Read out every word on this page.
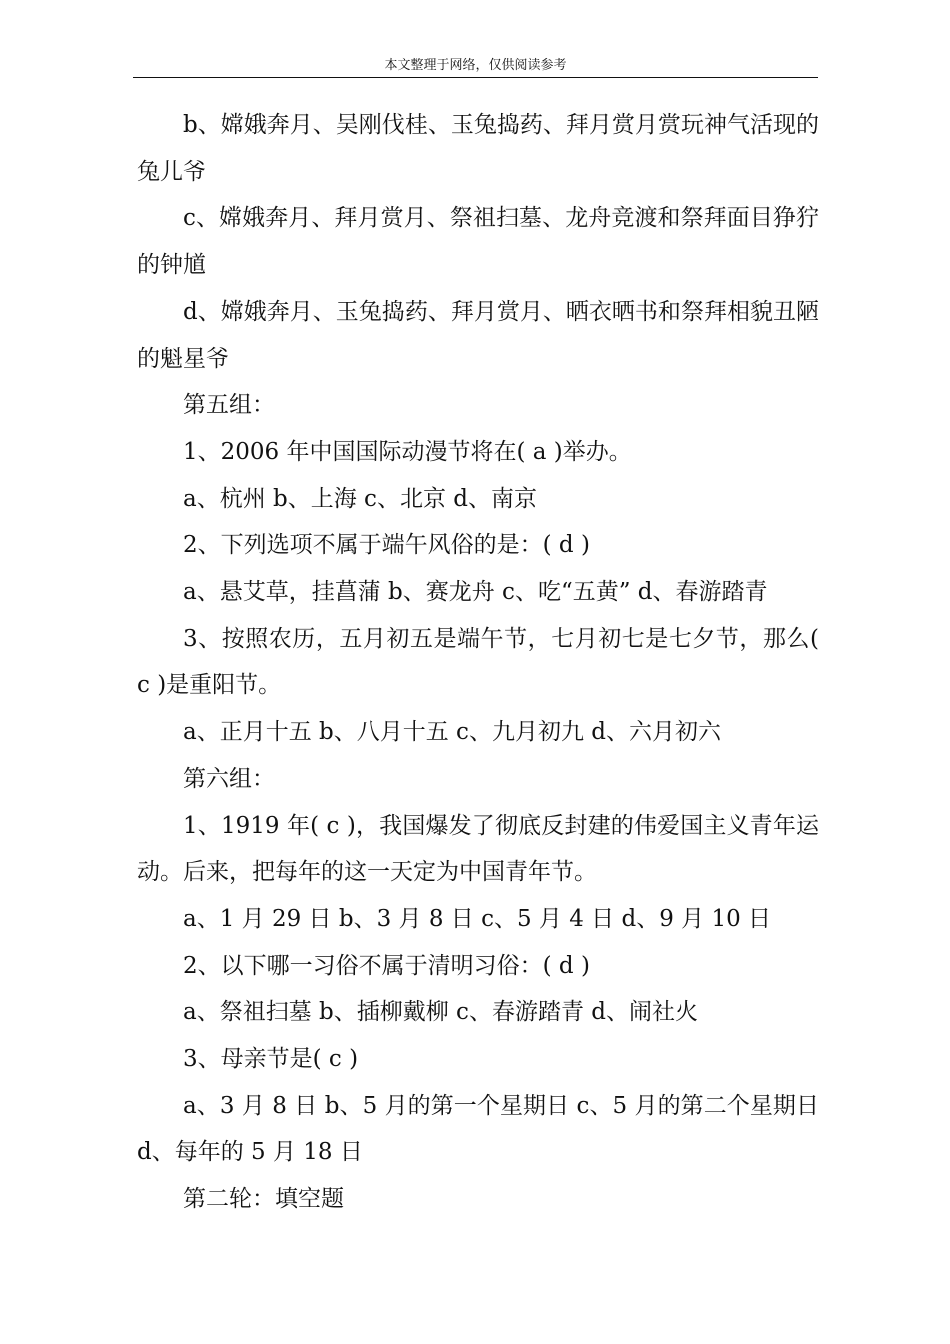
本文整理于网络，仅供阅读参考

b、嫦娥奔月、吴刚伐桂、玉兔捣药、拜月赏月赏玩神气活现的兔儿爷

c、嫦娥奔月、拜月赏月、祭祖扫墓、龙舟竞渡和祭拜面目狰狞的钟馗

d、嫦娥奔月、玉兔捣药、拜月赏月、晒衣晒书和祭拜相貌丑陋的魁星爷

第五组：

1、2006 年中国国际动漫节将在( a )举办。

a、杭州 b、上海 c、北京 d、南京

2、下列选项不属于端午风俗的是：( d )

a、悬艾草，挂菖蒲 b、赛龙舟 c、吃“五黄” d、春游踏青

3、按照农历，五月初五是端午节，七月初七是七夕节，那么( c )是重阳节。

a、正月十五 b、八月十五 c、九月初九 d、六月初六

第六组：

1、1919 年( c )，我国爆发了彻底反封建的伟爱国主义青年运动。后来，把每年的这一天定为中国青年节。

a、1 月 29 日 b、3 月 8 日 c、5 月 4 日 d、9 月 10 日

2、以下哪一习俗不属于清明习俗：( d )

a、祭祖扫墓 b、插柳戴柳 c、春游踏青 d、闹社火

3、母亲节是( c )

a、3 月 8 日 b、5 月的第一个星期日 c、5 月的第二个星期日 d、每年的 5 月 18 日

第二轮：填空题
